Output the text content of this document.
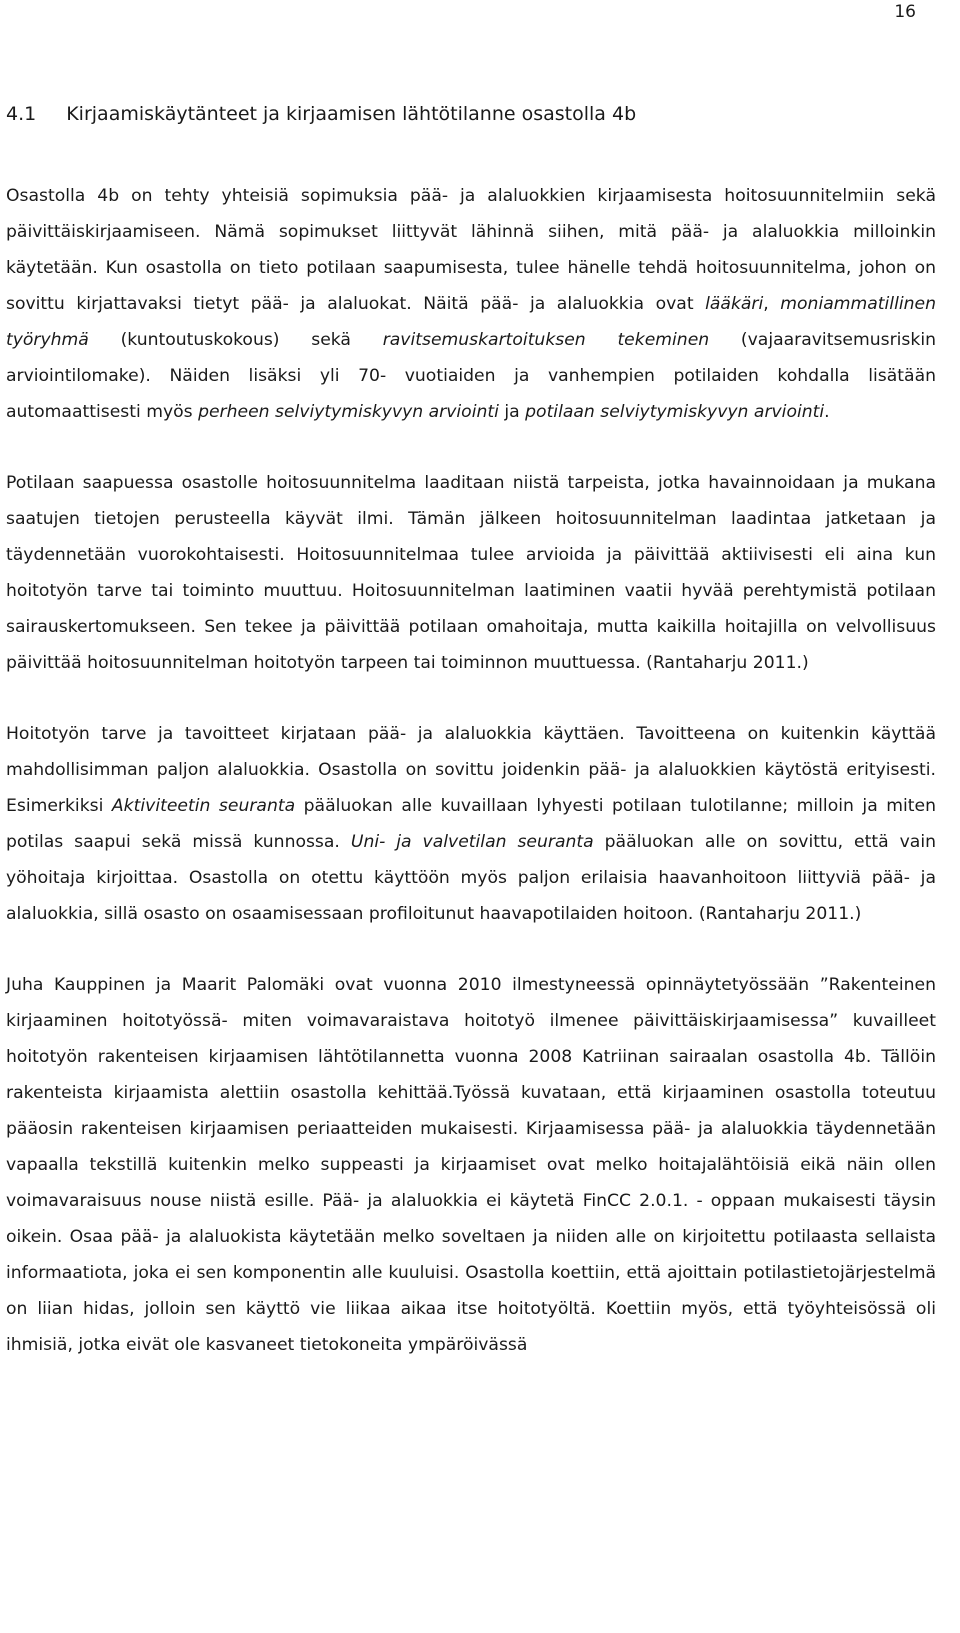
16
4.1 Kirjaamiskäytänteet ja kirjaamisen lähtötilanne osastolla 4b

Osastolla 4b on tehty yhteisiä sopimuksia pää- ja alaluokkien kirjaamisesta hoitosuunnitelmiin sekä päivittäiskirjaamiseen. Nämä sopimukset liittyvät lähinnä siihen, mitä pää- ja alaluokkia milloinkin käytetään. Kun osastolla on tieto potilaan saapumisesta, tulee hänelle tehdä hoitosuunnitelma, johon on sovittu kirjattavaksi tietyt pää- ja alaluokat. Näitä pää- ja alaluokkia ovat lääkäri, moniammatillinen työryhmä (kuntoutuskokous) sekä ravitsemuskartoituksen tekeminen (vajaaravitsemusriskin arviointilomake). Näiden lisäksi yli 70- vuotiaiden ja vanhempien potilaiden kohdalla lisätään automaattisesti myös perheen selviytymiskyvyn arviointi ja potilaan selviytymiskyvyn arviointi.

Potilaan saapuessa osastolle hoitosuunnitelma laaditaan niistä tarpeista, jotka havainnoidaan ja mukana saatujen tietojen perusteella käyvät ilmi. Tämän jälkeen hoitosuunnitelman laadintaa jatketaan ja täydennetään vuorokohtaisesti. Hoitosuunnitelmaa tulee arvioida ja päivittää aktiivisesti eli aina kun hoitotyön tarve tai toiminto muuttuu. Hoitosuunnitelman laatiminen vaatii hyvää perehtymistä potilaan sairauskertomukseen. Sen tekee ja päivittää potilaan omahoitaja, mutta kaikilla hoitajilla on velvollisuus päivittää hoitosuunnitelman hoitotyön tarpeen tai toiminnon muuttuessa. (Rantaharju 2011.)

Hoitotyön tarve ja tavoitteet kirjataan pää- ja alaluokkia käyttäen. Tavoitteena on kuitenkin käyttää mahdollisimman paljon alaluokkia. Osastolla on sovittu joidenkin pää- ja alaluokkien käytöstä erityisesti. Esimerkiksi Aktiviteetin seuranta pääluokan alle kuvaillaan lyhyesti potilaan tulotilanne; milloin ja miten potilas saapui sekä missä kunnossa. Uni- ja valvetilan seuranta pääluokan alle on sovittu, että vain yöhoitaja kirjoittaa. Osastolla on otettu käyttöön myös paljon erilaisia haavanhoitoon liittyviä pää- ja alaluokkia, sillä osasto on osaamisessaan profiloitunut haavapotilaiden hoitoon. (Rantaharju 2011.)

Juha Kauppinen ja Maarit Palomäki ovat vuonna 2010 ilmestyneessä opinnäytetyössään ”Rakenteinen kirjaaminen hoitotyössä- miten voimavaraistava hoitotyö ilmenee päivittäiskirjaamisessa” kuvailleet hoitotyön rakenteisen kirjaamisen lähtötilannetta vuonna 2008 Katriinan sairaalan osastolla 4b. Tällöin rakenteista kirjaamista alettiin osastolla kehittää.Työssä kuvataan, että kirjaaminen osastolla toteutuu pääosin rakenteisen kirjaamisen periaatteiden mukaisesti. Kirjaamisessa pää- ja alaluokkia täydennetään vapaalla tekstillä kuitenkin melko suppeasti ja kirjaamiset ovat melko hoitajalähtöisiä eikä näin ollen voimavaraisuus nouse niistä esille. Pää- ja alaluokkia ei käytetä FinCC 2.0.1. - oppaan mukaisesti täysin oikein. Osaa pää- ja alaluokista käytetään melko soveltaen ja niiden alle on kirjoitettu potilaasta sellaista informaatiota, joka ei sen komponentin alle kuuluisi. Osastolla koettiin, että ajoittain potilastietojärjestelmä on liian hidas, jolloin sen käyttö vie liikaa aikaa itse hoitotyöltä. Koettiin myös, että työyhteisössä oli ihmisiä, jotka eivät ole kasvaneet tietokoneita ympäröivässä
